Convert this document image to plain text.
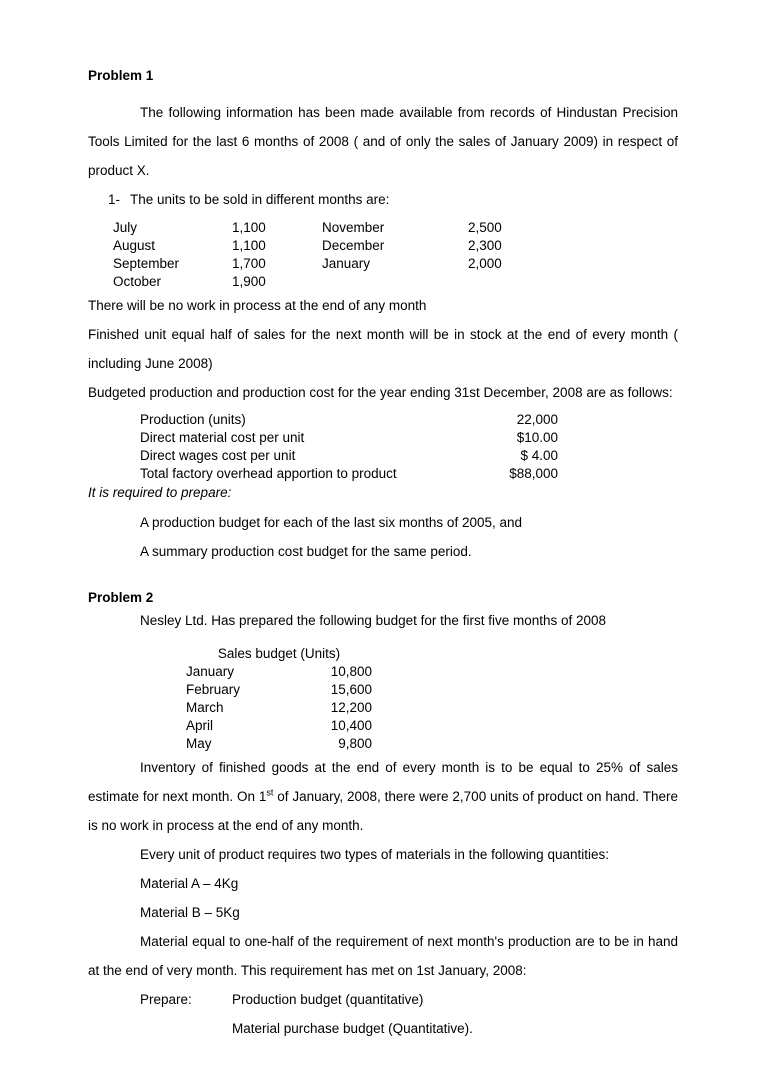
Problem 1

The following information has been made available from records of Hindustan Precision Tools Limited for the last 6 months of 2008 ( and of only the sales of January 2009) in respect of product X.

1- The units to be sold in different months are:

July	1,100	November	2,500
August	1,100	December	2,300
September	1,700	January	2,000
October	1,900		

There will be no work in process at the end of any month

Finished unit equal half of sales for the next month will be in stock at the end of every month ( including June 2008)

Budgeted production and production cost for the year ending 31st December, 2008 are as follows:

Production (units)	22,000
Direct material cost per unit	$10.00
Direct wages cost per unit	$ 4.00
Total factory overhead apportion to product	$88,000

It is required to prepare:

A production budget for each of the last six months of 2005, and

A summary production cost budget for the same period.

Problem 2

Nesley Ltd. Has prepared the following budget for the first five months of 2008

Sales budget (Units)	
January	10,800
February	15,600
March	12,200
April	10,400
May	9,800

Inventory of finished goods at the end of every month is to be equal to 25% of sales estimate for next month. On 1st of January, 2008, there were 2,700 units of product on hand. There is no work in process at the end of any month.

Every unit of product requires two types of materials in the following quantities:

Material A – 4Kg

Material B – 5Kg

Material equal to one-half of the requirement of next month's production are to be in hand at the end of very month. This requirement has met on 1st January, 2008:

Prepare:	Production budget (quantitative)

Material purchase budget (Quantitative).
